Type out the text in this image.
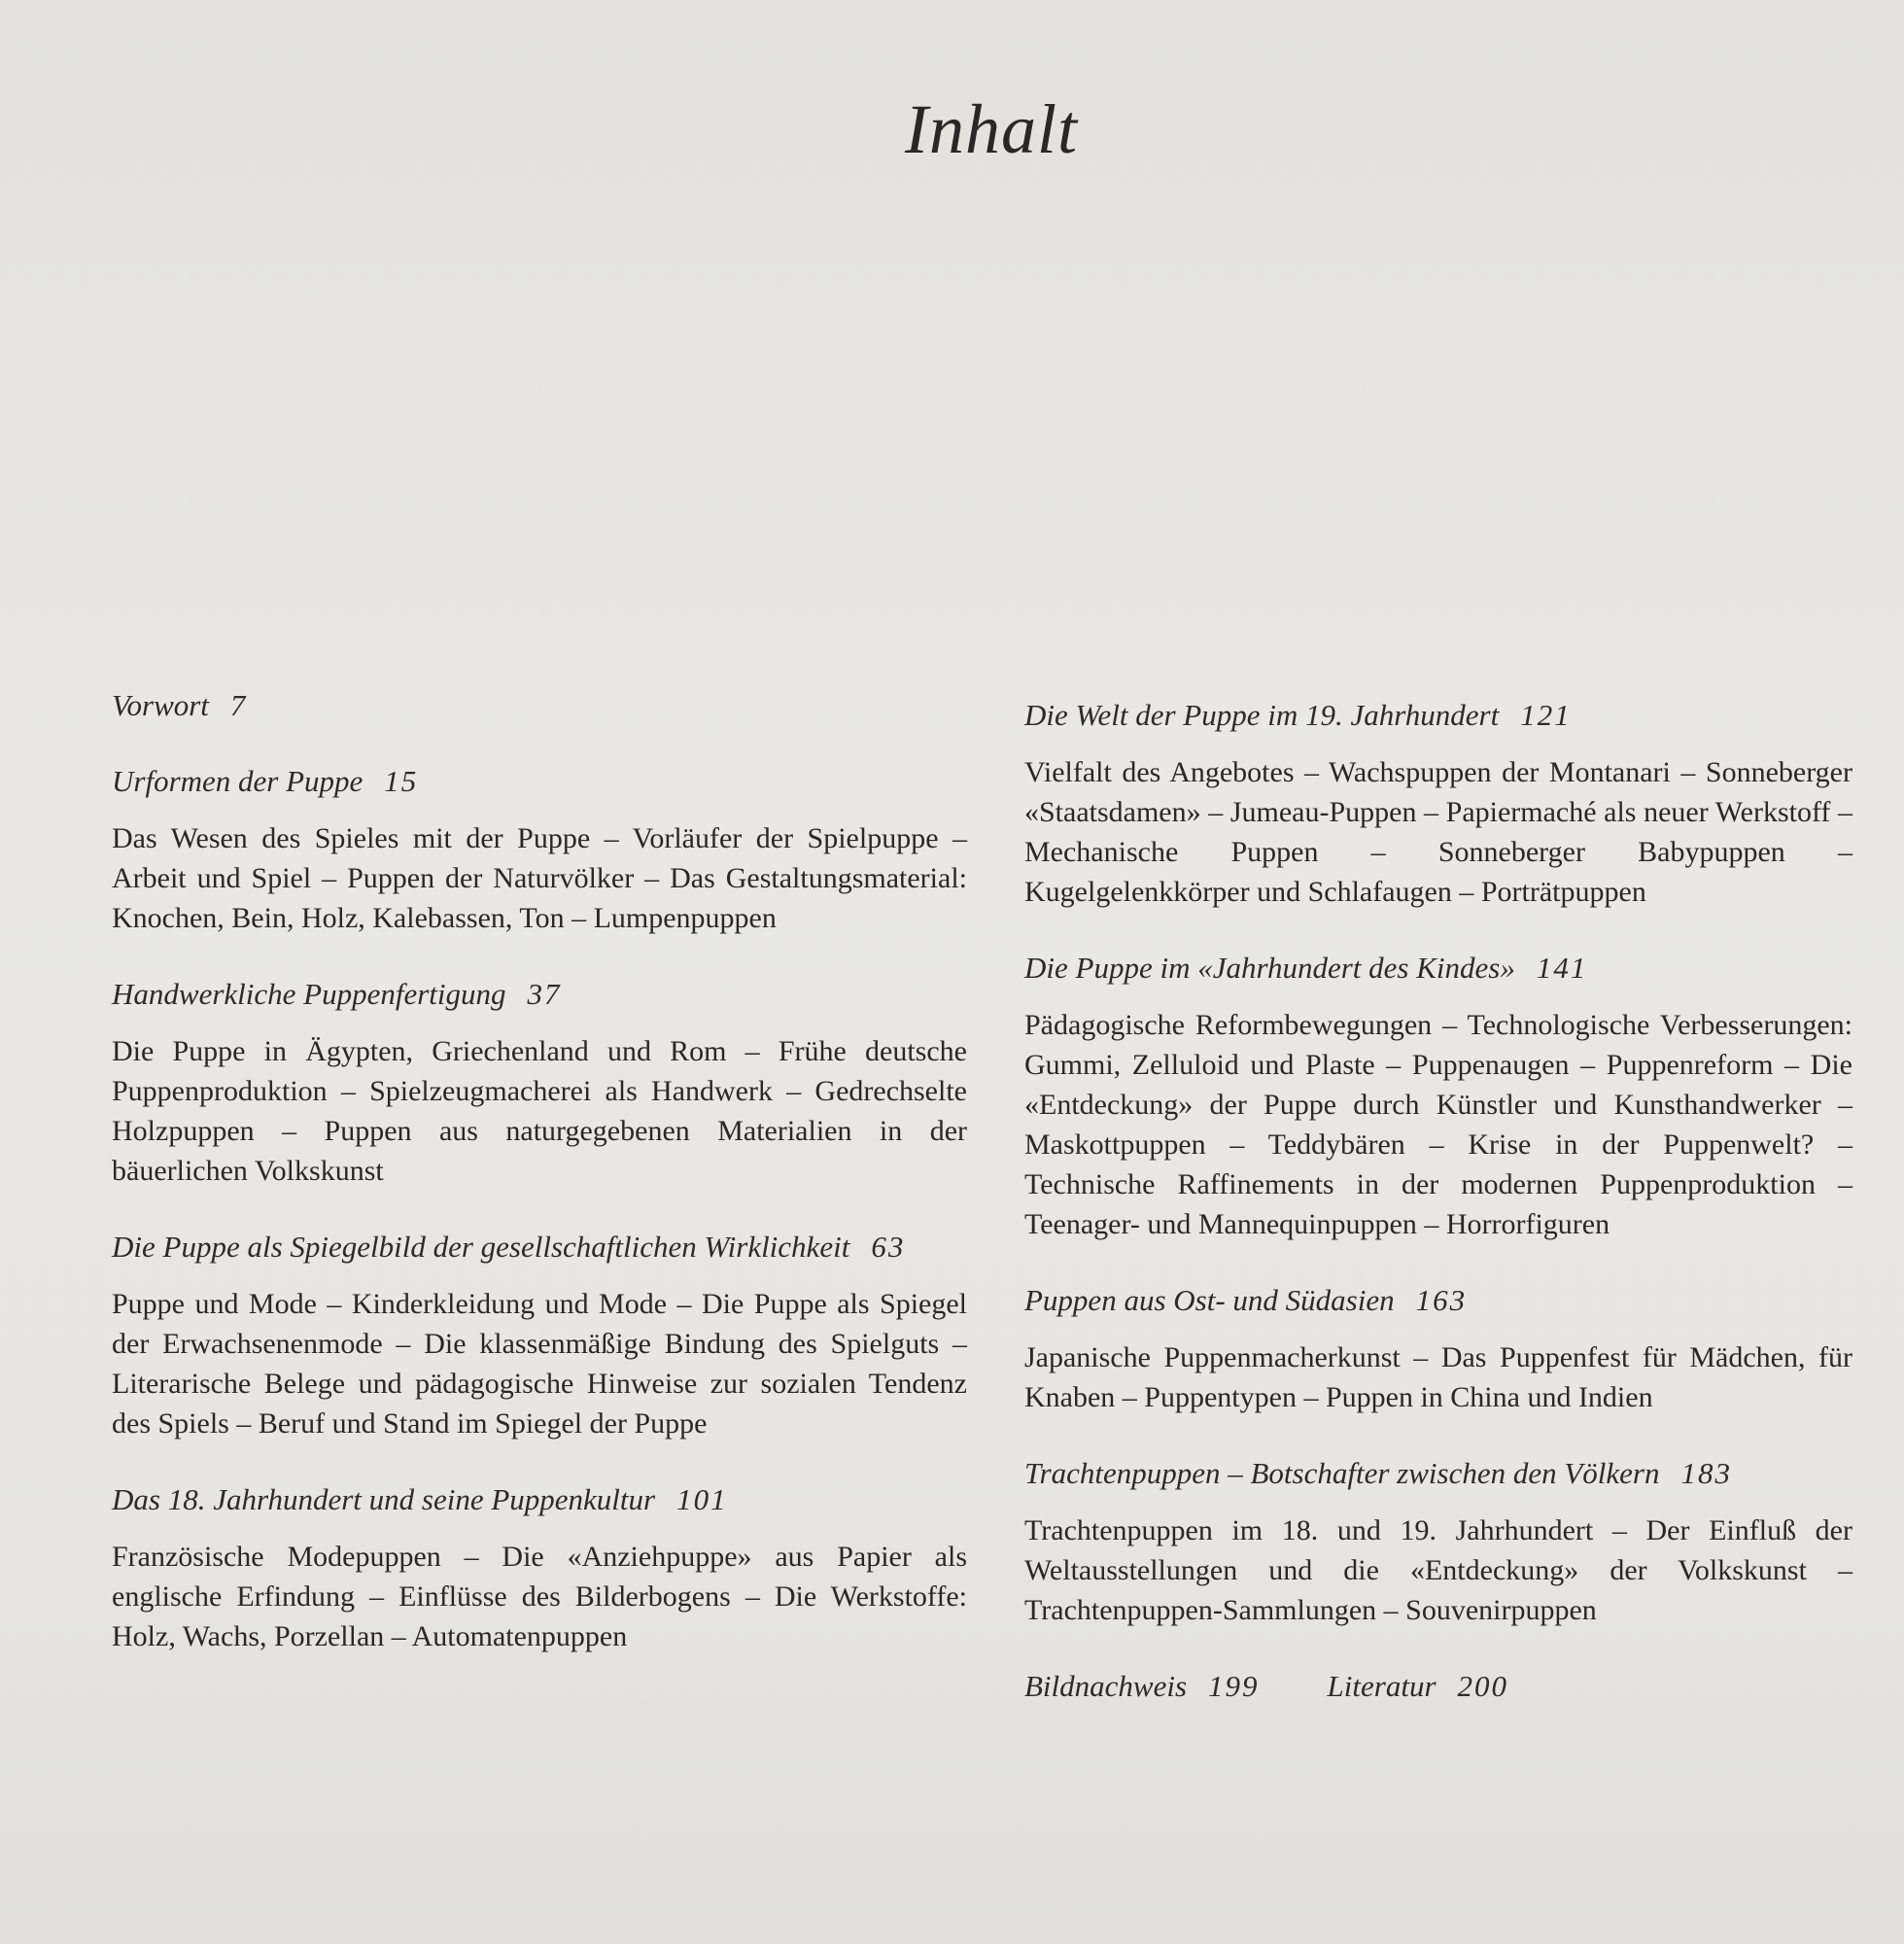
Inhalt
Vorwort 7
Urformen der Puppe 15
Das Wesen des Spieles mit der Puppe – Vorläufer der Spielpuppe – Arbeit und Spiel – Puppen der Naturvölker – Das Gestaltungsmaterial: Knochen, Bein, Holz, Kalebassen, Ton – Lumpenpuppen
Handwerkliche Puppenfertigung 37
Die Puppe in Ägypten, Griechenland und Rom – Frühe deutsche Puppenproduktion – Spielzeugmacherei als Handwerk – Gedrechselte Holzpuppen – Puppen aus naturgegebenen Materialien in der bäuerlichen Volkskunst
Die Puppe als Spiegelbild der gesellschaftlichen Wirklichkeit 63
Puppe und Mode – Kinderkleidung und Mode – Die Puppe als Spiegel der Erwachsenenmode – Die klassenmäßige Bindung des Spielguts – Literarische Belege und pädagogische Hinweise zur sozialen Tendenz des Spiels – Beruf und Stand im Spiegel der Puppe
Das 18. Jahrhundert und seine Puppenkultur 101
Französische Modepuppen – Die «Anziehpuppe» aus Papier als englische Erfindung – Einflüsse des Bilderbogens – Die Werkstoffe: Holz, Wachs, Porzellan – Automatenpuppen
Die Welt der Puppe im 19. Jahrhundert 121
Vielfalt des Angebotes – Wachspuppen der Montanari – Sonneberger «Staatsdamen» – Jumeau-Puppen – Papiermaché als neuer Werkstoff – Mechanische Puppen – Sonneberger Babypuppen – Kugelgelenkkörper und Schlafaugen – Porträtpuppen
Die Puppe im «Jahrhundert des Kindes» 141
Pädagogische Reformbewegungen – Technologische Verbesserungen: Gummi, Zelluloid und Plaste – Puppenaugen – Puppenreform – Die «Entdeckung» der Puppe durch Künstler und Kunsthandwerker – Maskottpuppen – Teddybären – Krise in der Puppenwelt? – Technische Raffinements in der modernen Puppenproduktion – Teenager- und Mannequinpuppen – Horrorfiguren
Puppen aus Ost- und Südasien 163
Japanische Puppenmacherkunst – Das Puppenfest für Mädchen, für Knaben – Puppentypen – Puppen in China und Indien
Trachtenpuppen – Botschafter zwischen den Völkern 183
Trachtenpuppen im 18. und 19. Jahrhundert – Der Einfluß der Weltausstellungen und die «Entdeckung» der Volkskunst – Trachtenpuppen-Sammlungen – Souvenirpuppen
Bildnachweis 199 Literatur 200
